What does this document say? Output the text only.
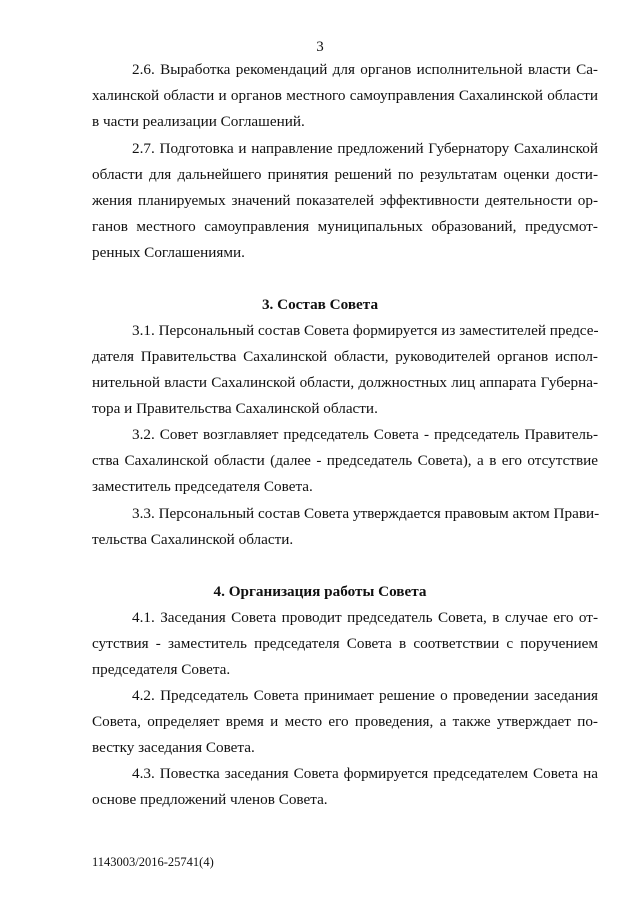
3
2.6. Выработка рекомендаций для органов исполнительной власти Са-
халинской области и органов местного самоуправления Сахалинской области
в части реализации Соглашений.
2.7. Подготовка и направление предложений Губернатору Сахалинской
области для дальнейшего принятия решений по результатам оценки дости-
жения планируемых значений показателей эффективности деятельности ор-
ганов местного самоуправления муниципальных образований, предусмот-
ренных Соглашениями.
3. Состав Совета
3.1. Персональный состав Совета формируется из заместителей предсе-
дателя Правительства Сахалинской области, руководителей органов испол-
нительной власти Сахалинской области, должностных лиц аппарата Губерна-
тора и Правительства Сахалинской области.
3.2. Совет возглавляет председатель Совета - председатель Правитель-
ства Сахалинской области (далее - председатель Совета), а в его отсутствие
заместитель председателя Совета.
3.3. Персональный состав Совета утверждается правовым актом Прави-
тельства Сахалинской области.
4. Организация работы Совета
4.1. Заседания Совета проводит председатель Совета, в случае его от-
сутствия - заместитель председателя Совета в соответствии с поручением
председателя Совета.
4.2. Председатель Совета принимает решение о проведении заседания
Совета, определяет время и место его проведения, а также утверждает по-
вестку заседания Совета.
4.3. Повестка заседания Совета формируется председателем Совета на
основе предложений членов Совета.
1143003/2016-25741(4)
